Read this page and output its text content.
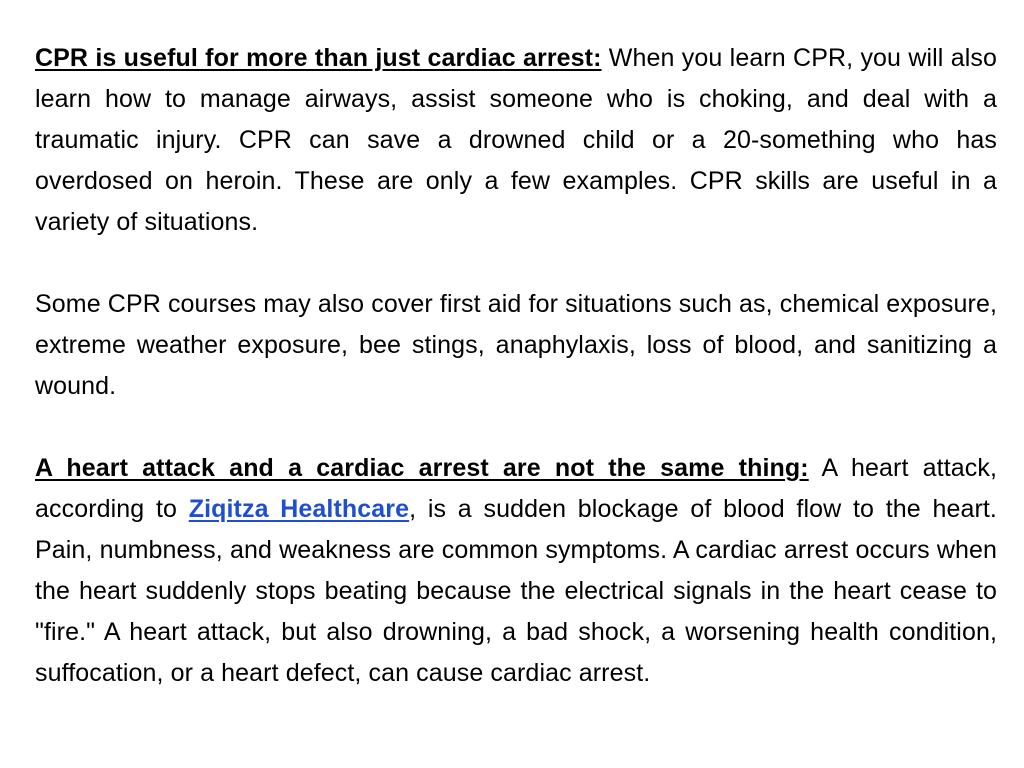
CPR is useful for more than just cardiac arrest: When you learn CPR, you will also learn how to manage airways, assist someone who is choking, and deal with a traumatic injury. CPR can save a drowned child or a 20-something who has overdosed on heroin. These are only a few examples. CPR skills are useful in a variety of situations.

Some CPR courses may also cover first aid for situations such as, chemical exposure, extreme weather exposure, bee stings, anaphylaxis, loss of blood, and sanitizing a wound.

A heart attack and a cardiac arrest are not the same thing: A heart attack, according to Ziqitza Healthcare, is a sudden blockage of blood flow to the heart. Pain, numbness, and weakness are common symptoms. A cardiac arrest occurs when the heart suddenly stops beating because the electrical signals in the heart cease to "fire." A heart attack, but also drowning, a bad shock, a worsening health condition, suffocation, or a heart defect, can cause cardiac arrest.
